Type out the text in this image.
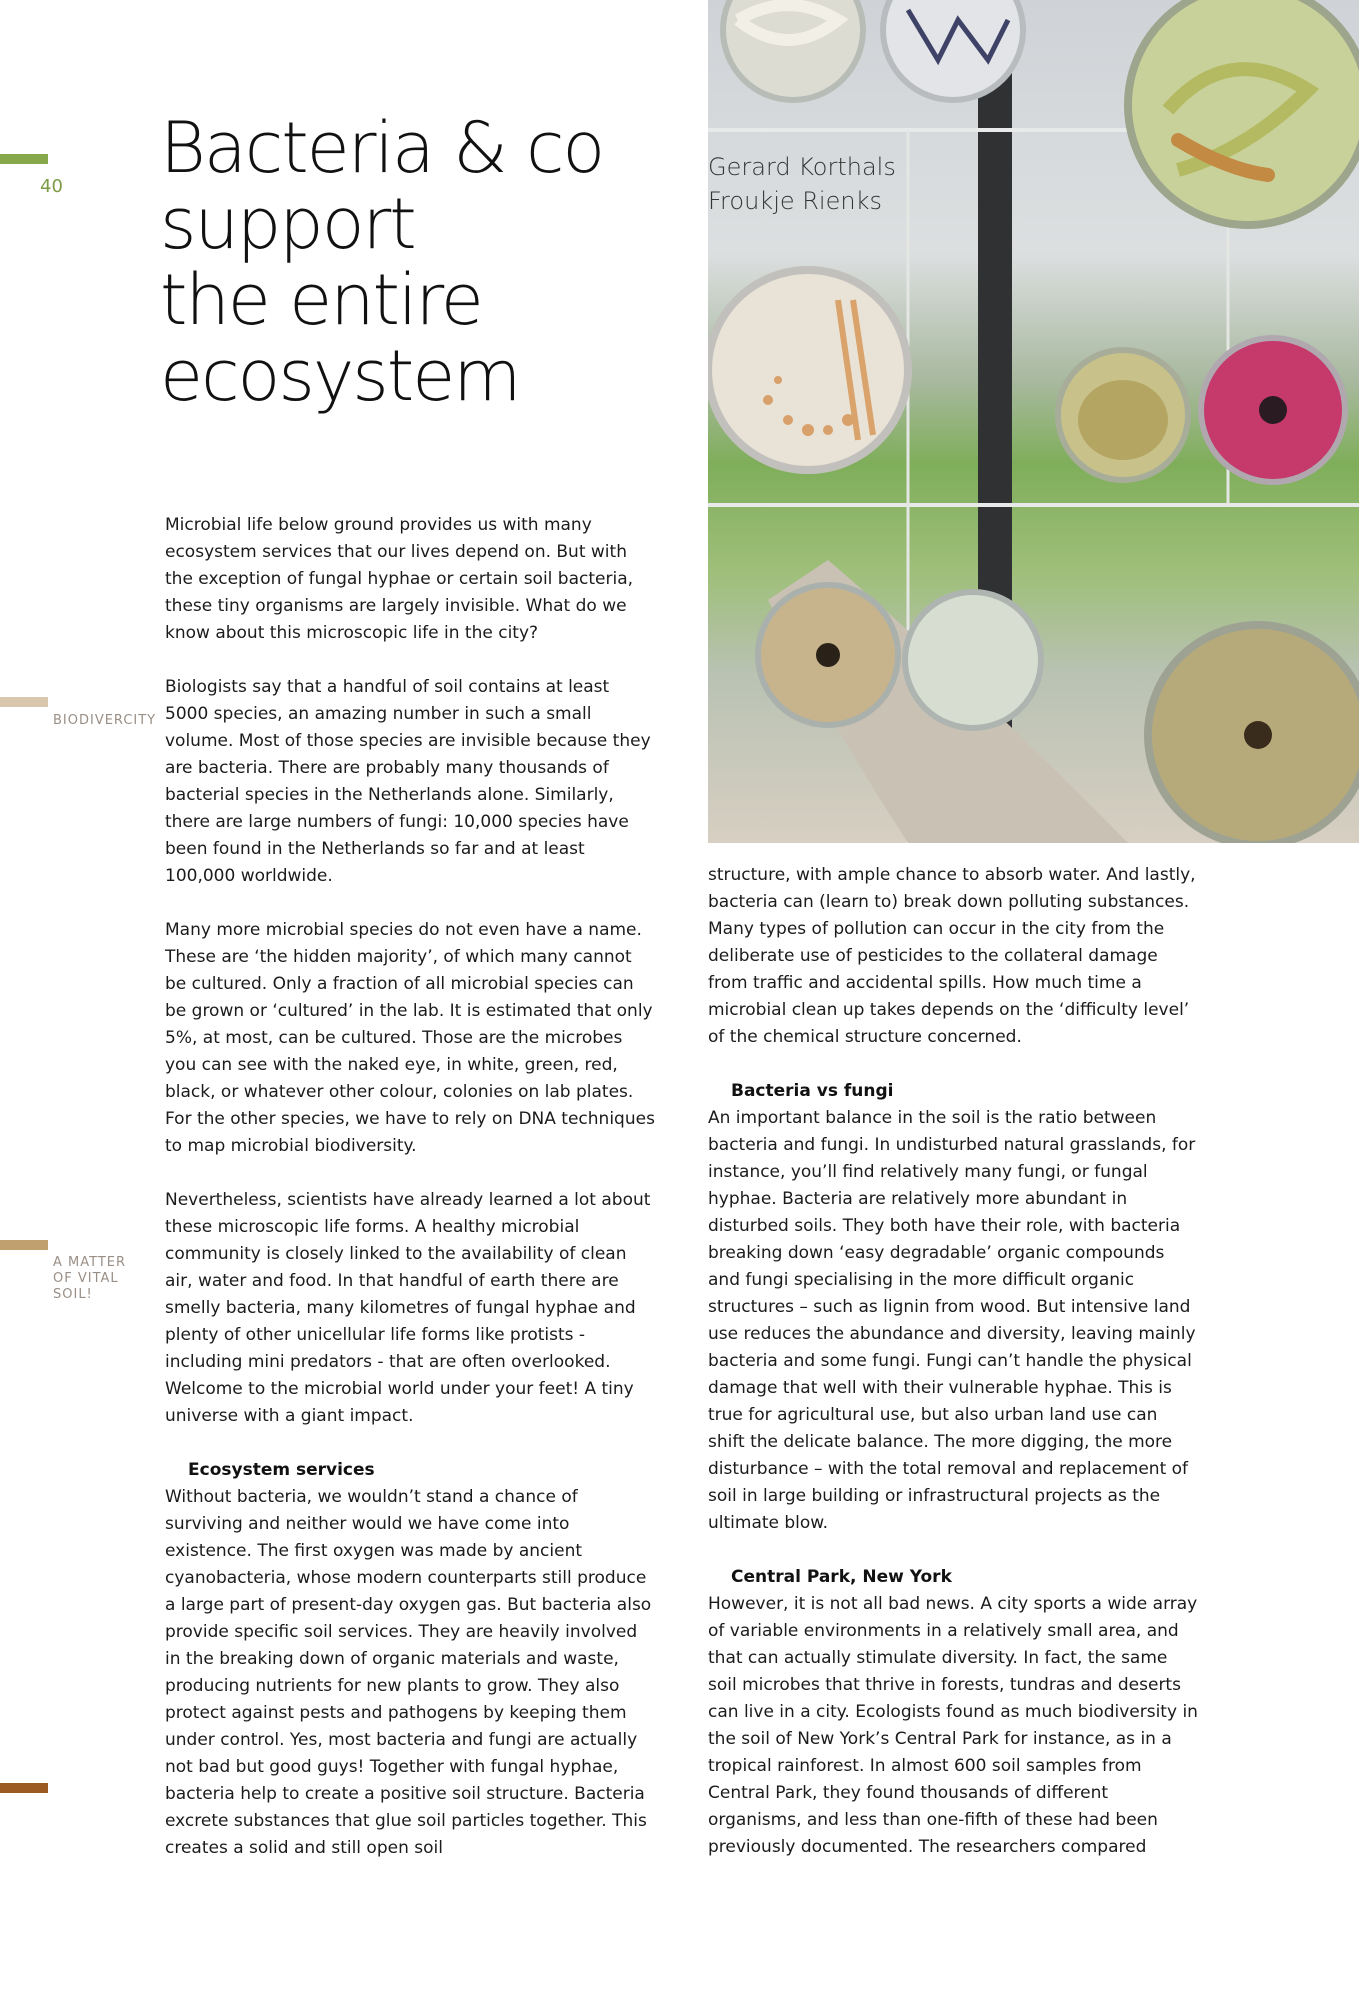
40
BIODIVERCITY
A MATTER
OF VITAL
SOIL!
Bacteria & co
support
the entire
ecosystem
Gerard Korthals
Froukje Rienks

Microbial life below ground provides us with many ecosystem services that our lives depend on. But with the exception of fungal hyphae or certain soil bacteria, these tiny organisms are largely invisible. What do we know about this microscopic life in the city?

Biologists say that a handful of soil contains at least 5000 species, an amazing number in such a small volume. Most of those species are invisible because they are bacteria. There are probably many thousands of bacterial species in the Netherlands alone. Similarly, there are large numbers of fungi: 10,000 species have been found in the Netherlands so far and at least 100,000 worldwide.

Many more microbial species do not even have a name. These are ‘the hidden majority’, of which many cannot be cultured. Only a fraction of all microbial species can be grown or ‘cultured’ in the lab. It is estimated that only 5%, at most, can be cultured. Those are the microbes you can see with the naked eye, in white, green, red, black, or whatever other colour, colonies on lab plates. For the other species, we have to rely on DNA techniques to map microbial biodiversity.

Nevertheless, scientists have already learned a lot about these microscopic life forms. A healthy microbial community is closely linked to the availability of clean air, water and food. In that handful of earth there are smelly bacteria, many kilometres of fungal hyphae and plenty of other unicellular life forms like protists - including mini predators - that are often overlooked. Welcome to the microbial world under your feet! A tiny universe with a giant impact.

Ecosystem services

Without bacteria, we wouldn’t stand a chance of surviving and neither would we have come into existence. The first oxygen was made by ancient cyanobacteria, whose modern counterparts still produce a large part of present-day oxygen gas. But bacteria also provide specific soil services. They are heavily involved in the breaking down of organic materials and waste, producing nutrients for new plants to grow. They also protect against pests and pathogens by keeping them under control. Yes, most bacteria and fungi are actually not bad but good guys! Together with fungal hyphae, bacteria help to create a positive soil structure. Bacteria excrete substances that glue soil particles together. This creates a solid and still open soil

structure, with ample chance to absorb water. And lastly, bacteria can (learn to) break down polluting substances. Many types of pollution can occur in the city from the deliberate use of pesticides to the collateral damage from traffic and accidental spills. How much time a microbial clean up takes depends on the ‘difficulty level’ of the chemical structure concerned.

Bacteria vs fungi

An important balance in the soil is the ratio between bacteria and fungi. In undisturbed natural grasslands, for instance, you’ll find relatively many fungi, or fungal hyphae. Bacteria are relatively more abundant in disturbed soils. They both have their role, with bacteria breaking down ‘easy degradable’ organic compounds and fungi specialising in the more difficult organic structures – such as lignin from wood. But intensive land use reduces the abundance and diversity, leaving mainly bacteria and some fungi. Fungi can’t handle the physical damage that well with their vulnerable hyphae. This is true for agricultural use, but also urban land use can shift the delicate balance. The more digging, the more disturbance – with the total removal and replacement of soil in large building or infrastructural projects as the ultimate blow.

Central Park, New York

However, it is not all bad news. A city sports a wide array of variable environments in a relatively small area, and that can actually stimulate diversity. In fact, the same soil microbes that thrive in forests, tundras and deserts can live in a city. Ecologists found as much biodiversity in the soil of New York’s Central Park for instance, as in a tropical rainforest. In almost 600 soil samples from Central Park, they found thousands of different organisms, and less than one-fifth of these had been previously documented. The researchers compared
